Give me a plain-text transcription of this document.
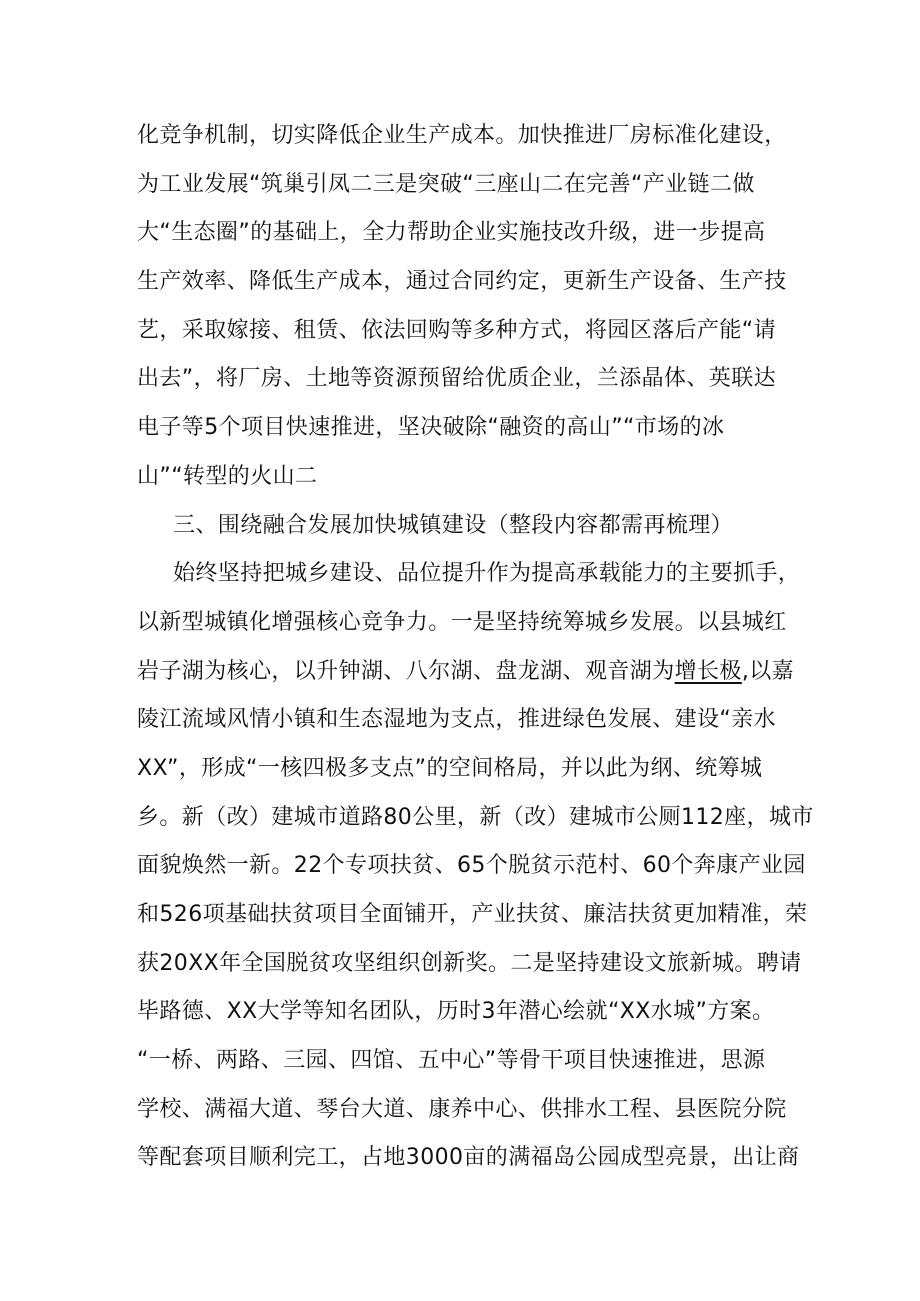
化竞争机制，切实降低企业生产成本。加快推进厂房标准化建设，
为工业发展“筑巢引凤二三是突破“三座山二在完善“产业链二做
大“生态圈”的基础上，全力帮助企业实施技改升级，进一步提高
生产效率、降低生产成本，通过合同约定，更新生产设备、生产技
艺，采取嫁接、租赁、依法回购等多种方式，将园区落后产能“请
出去”，将厂房、土地等资源预留给优质企业，兰添晶体、英联达
电子等5个项目快速推进，坚决破除“融资的高山”“市场的冰
山”“转型的火山二
三、围绕融合发展加快城镇建设（整段内容都需再梳理）
始终坚持把城乡建设、品位提升作为提高承载能力的主要抓手，
以新型城镇化增强核心竞争力。一是坚持统筹城乡发展。以县城红
岩子湖为核心，以升钟湖、八尔湖、盘龙湖、观音湖为增长极,以嘉
陵江流域风情小镇和生态湿地为支点，推进绿色发展、建设“亲水
XX”，形成“一核四极多支点”的空间格局，并以此为纲、统筹城
乡。新（改）建城市道路80公里，新（改）建城市公厕112座，城市
面貌焕然一新。22个专项扶贫、65个脱贫示范村、60个奔康产业园
和526项基础扶贫项目全面铺开，产业扶贫、廉洁扶贫更加精准，荣
获20XX年全国脱贫攻坚组织创新奖。二是坚持建设文旅新城。聘请
毕路德、XX大学等知名团队，历时3年潜心绘就“XX水城”方案。
“一桥、两路、三园、四馆、五中心”等骨干项目快速推进，思源
学校、满福大道、琴台大道、康养中心、供排水工程、县医院分院
等配套项目顺利完工，占地3000亩的满福岛公园成型亮景，出让商
